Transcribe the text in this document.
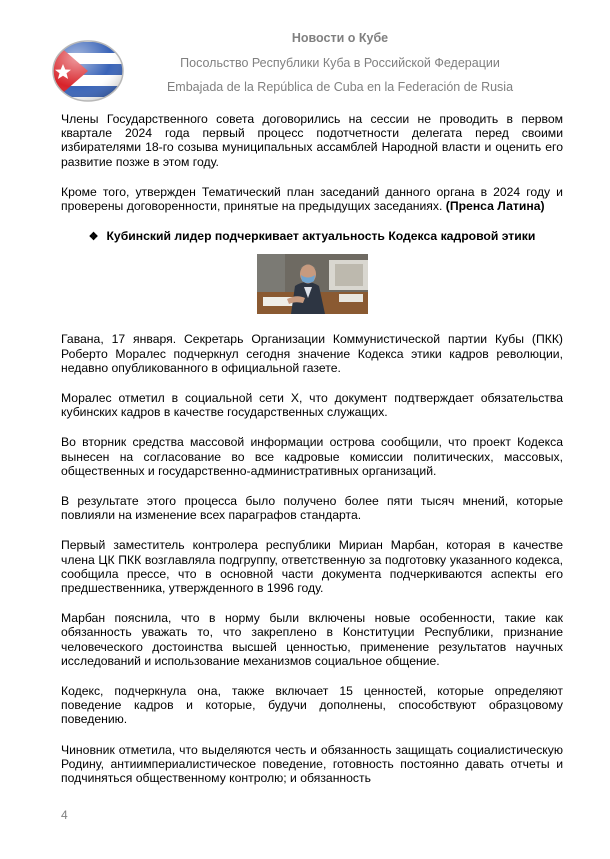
Новости о Кубе
Посольство Республики Куба в Российской Федерации
Embajada de la República de Cuba en la Federación de Rusia

Члены Государственного совета договорились на сессии не проводить в первом квартале 2024 года первый процесс подотчетности делегата перед своими избирателями 18-го созыва муниципальных ассамблей Народной власти и оценить его развитие позже в этом году.

Кроме того, утвержден Тематический план заседаний данного органа в 2024 году и проверены договоренности, принятые на предыдущих заседаниях. (Пренса Латина)

❖ Кубинский лидер подчеркивает актуальность Кодекса кадровой этики

Гавана, 17 января. Секретарь Организации Коммунистической партии Кубы (ПКК) Роберто Моралес подчеркнул сегодня значение Кодекса этики кадров революции, недавно опубликованного в официальной газете.

Моралес отметил в социальной сети X, что документ подтверждает обязательства кубинских кадров в качестве государственных служащих.

Во вторник средства массовой информации острова сообщили, что проект Кодекса вынесен на согласование во все кадровые комиссии политических, массовых, общественных и государственно-административных организаций.

В результате этого процесса было получено более пяти тысяч мнений, которые повлияли на изменение всех параграфов стандарта.

Первый заместитель контролера республики Мириан Марбан, которая в качестве члена ЦК ПКК возглавляла подгруппу, ответственную за подготовку указанного кодекса, сообщила прессе, что в основной части документа подчеркиваются аспекты его предшественника, утвержденного в 1996 году.

Марбан пояснила, что в норму были включены новые особенности, такие как обязанность уважать то, что закреплено в Конституции Республики, признание человеческого достоинства высшей ценностью, применение результатов научных исследований и использование механизмов социальное общение.

Кодекс, подчеркнула она, также включает 15 ценностей, которые определяют поведение кадров и которые, будучи дополнены, способствуют образцовому поведению.

Чиновник отметила, что выделяются честь и обязанность защищать социалистическую Родину, антиимпериалистическое поведение, готовность постоянно давать отчеты и подчиняться общественному контролю; и обязанность

4
